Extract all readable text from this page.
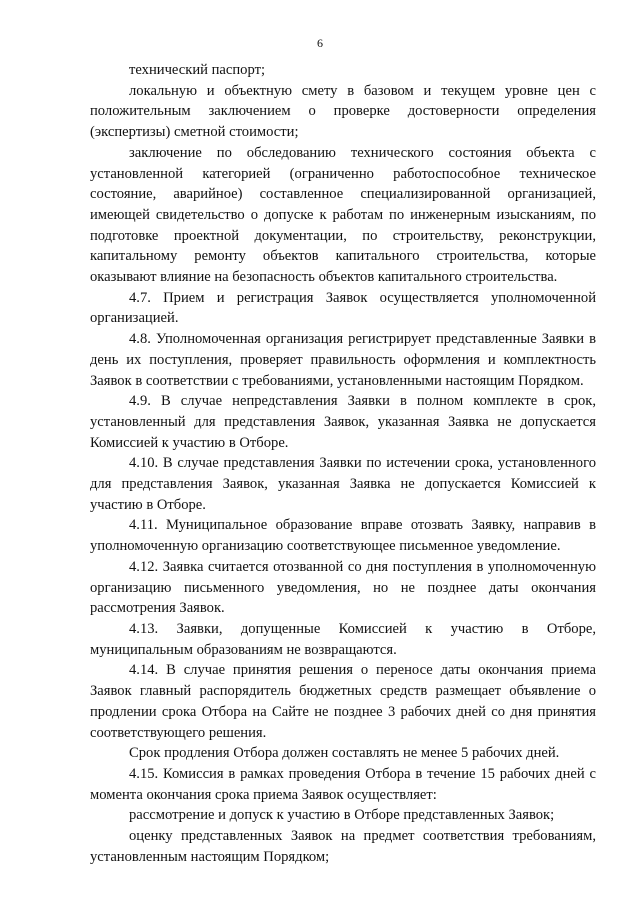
6

технический паспорт;

локальную и объектную смету в базовом и текущем уровне цен с положительным заключением о проверке достоверности определения (экспертизы) сметной стоимости;

заключение по обследованию технического состояния объекта с установленной категорией (ограниченно работоспособное техническое состояние, аварийное) составленное специализированной организацией, имеющей свидетельство о допуске к работам по инженерным изысканиям, по подготовке проектной документации, по строительству, реконструкции, капитальному ремонту объектов капитального строительства, которые оказывают влияние на безопасность объектов капитального строительства.

4.7. Прием и регистрация Заявок осуществляется уполномоченной организацией.

4.8. Уполномоченная организация регистрирует представленные Заявки в день их поступления, проверяет правильность оформления и комплектность Заявок в соответствии с требованиями, установленными настоящим Порядком.

4.9. В случае непредставления Заявки в полном комплекте в срок, установленный для представления Заявок, указанная Заявка не допускается Комиссией к участию в Отборе.

4.10. В случае представления Заявки по истечении срока, установленного для представления Заявок, указанная Заявка не допускается Комиссией к участию в Отборе.

4.11. Муниципальное образование вправе отозвать Заявку, направив в уполномоченную организацию соответствующее письменное уведомление.

4.12. Заявка считается отозванной со дня поступления в уполномоченную организацию письменного уведомления, но не позднее даты окончания рассмотрения Заявок.

4.13. Заявки, допущенные Комиссией к участию в Отборе, муниципальным образованиям не возвращаются.

4.14. В случае принятия решения о переносе даты окончания приема Заявок главный распорядитель бюджетных средств размещает объявление о продлении срока Отбора на Сайте не позднее 3 рабочих дней со дня принятия соответствующего решения.

Срок продления Отбора должен составлять не менее 5 рабочих дней.

4.15. Комиссия в рамках проведения Отбора в течение 15 рабочих дней с момента окончания срока приема Заявок осуществляет:

рассмотрение и допуск к участию в Отборе представленных Заявок;

оценку представленных Заявок на предмет соответствия требованиям, установленным настоящим Порядком;
